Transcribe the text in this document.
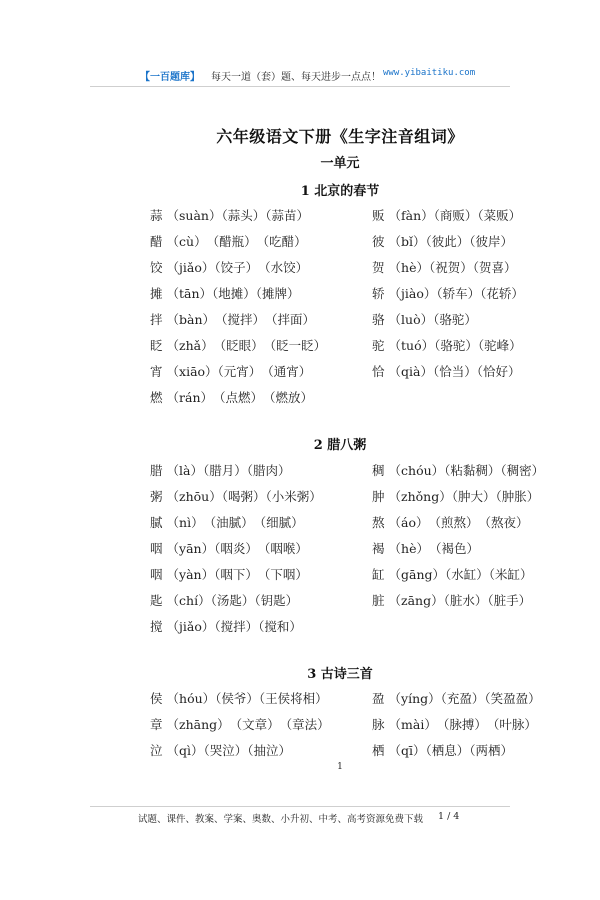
【一百题库】 每天一道（套）题、每天进步一点点！ www.yibaitiku.com
六年级语文下册《生字注音组词》
一单元
1 北京的春节
蒜 （suàn）（蒜头）（蒜苗）
醋 （cù）　（醋瓶）　（吃醋）
饺 （jiǎo）（饺子）　（水饺）
摊 （tān）（地摊）（摊牌）
拌 （bàn）　（搅拌）　（拌面）
眨 （zhǎ）　（眨眼）　（眨一眨）
宵 （xiāo）（元宵）　（通宵）
燃 （rán）　（点燃）　（燃放）
贩 （fàn）（商贩）（菜贩）
彼 （bǐ）（彼此）（彼岸）
贺 （hè）（祝贺）（贺喜）
轿 （jiào）（轿车）（花轿）
骆 （luò）（骆驼）
驼 （tuó）（骆驼）（驼峰）
恰 （qià）（恰当）（恰好）
2 腊八粥
腊 （là）（腊月）（腊肉）
粥 （zhōu）（喝粥）（小米粥）
腻 （nì）　（油腻）　（细腻）
咽 （yān）（咽炎）　（咽喉）
咽 （yàn）（咽下）　（下咽）
匙 （chí）（汤匙）（钥匙）
搅 （jiǎo）（搅拌）（搅和）
稠 （chóu）（粘黏稠）（稠密）
肿 （zhǒng）（肿大）（肿胀）
熬 （áo）　（煎熬）　（熬夜）
褐 （hè）　（褐色）
缸 （gāng）（水缸）（米缸）
脏 （zāng）（脏水）（脏手）
3 古诗三首
侯 （hóu）（侯爷）（王侯将相）
章 （zhāng）　（文章）　（章法）
泣 （qì）（哭泣）（抽泣）
盈 （yíng）（充盈）（笑盈盈）
脉 （mài）　（脉搏）　（叶脉）
栖 （qī）（栖息）（两栖）
1
试题、课件、教案、学案、奥数、小升初、中考、高考资源免费下载 1 / 4
